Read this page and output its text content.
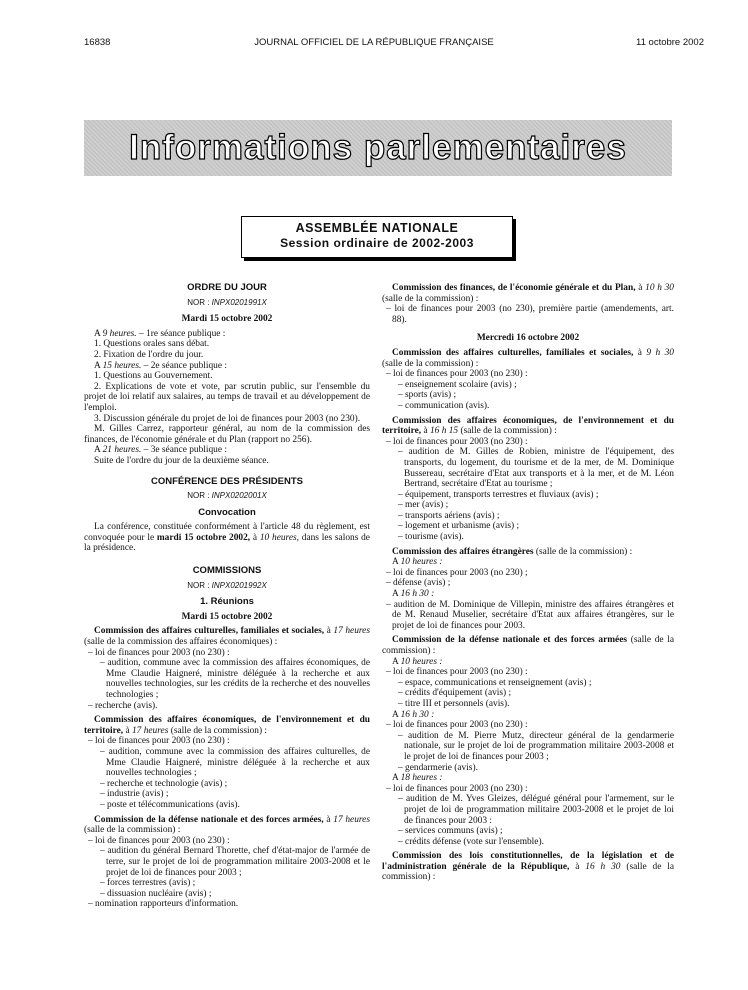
16838	JOURNAL OFFICIEL DE LA RÉPUBLIQUE FRANÇAISE	11 octobre 2002
Informations parlementaires
ASSEMBLÉE NATIONALE
Session ordinaire de 2002-2003
ORDRE DU JOUR
NOR : INPX0201991X
Mardi 15 octobre 2002

A 9 heures. – 1re séance publique :

1. Questions orales sans débat.

2. Fixation de l'ordre du jour.

A 15 heures. – 2e séance publique :

1. Questions au Gouvernement.

2. Explications de vote et vote, par scrutin public, sur l'ensemble du projet de loi relatif aux salaires, au temps de travail et au développement de l'emploi.

3. Discussion générale du projet de loi de finances pour 2003 (no 230).

M. Gilles Carrez, rapporteur général, au nom de la commission des finances, de l'économie générale et du Plan (rapport no 256).

A 21 heures. – 3e séance publique :

Suite de l'ordre du jour de la deuxième séance.

CONFÉRENCE DES PRÉSIDENTS
NOR : INPX0202001X
Convocation

La conférence, constituée conformément à l'article 48 du règlement, est convoquée pour le mardi 15 octobre 2002, à 10 heures, dans les salons de la présidence.

COMMISSIONS
NOR : INPX0201992X
1. Réunions
Mardi 15 octobre 2002

Commission des affaires culturelles, familiales et sociales, à 17 heures (salle de la commission des affaires économiques) :

– loi de finances pour 2003 (no 230) :

– audition, commune avec la commission des affaires économiques, de Mme Claudie Haigneré, ministre déléguée à la recherche et aux nouvelles technologies, sur les crédits de la recherche et des nouvelles technologies ;

– recherche (avis).

Commission des affaires économiques, de l'environnement et du territoire, à 17 heures (salle de la commission) :

– loi de finances pour 2003 (no 230) :

– audition, commune avec la commission des affaires culturelles, de Mme Claudie Haigneré, ministre déléguée à la recherche et aux nouvelles technologies ;

– recherche et technologie (avis) ;

– industrie (avis) ;

– poste et télécommunications (avis).

Commission de la défense nationale et des forces armées, à 17 heures (salle de la commission) :

– loi de finances pour 2003 (no 230) :

– audition du général Bernard Thorette, chef d'état-major de l'armée de terre, sur le projet de loi de programmation militaire 2003-2008 et le projet de loi de finances pour 2003 ;

– forces terrestres (avis) ;

– dissuasion nucléaire (avis) ;

– nomination rapporteurs d'information.

Commission des finances, de l'économie générale et du Plan, à 10 h 30 (salle de la commission) :

– loi de finances pour 2003 (no 230), première partie (amendements, art. 88).

Mercredi 16 octobre 2002

Commission des affaires culturelles, familiales et sociales, à 9 h 30 (salle de la commission) :

– loi de finances pour 2003 (no 230) :

– enseignement scolaire (avis) ;

– sports (avis) ;

– communication (avis).

Commission des affaires économiques, de l'environnement et du territoire, à 16 h 15 (salle de la commission) :

– loi de finances pour 2003 (no 230) :

– audition de M. Gilles de Robien, ministre de l'équipement, des transports, du logement, du tourisme et de la mer, de M. Dominique Bussereau, secrétaire d'Etat aux transports et à la mer, et de M. Léon Bertrand, secrétaire d'Etat au tourisme ;

– équipement, transports terrestres et fluviaux (avis) ;

– mer (avis) ;

– transports aériens (avis) ;

– logement et urbanisme (avis) ;

– tourisme (avis).

Commission des affaires étrangères (salle de la commission) :

A 10 heures :

– loi de finances pour 2003 (no 230) ;

– défense (avis) ;

A 16 h 30 :

– audition de M. Dominique de Villepin, ministre des affaires étrangères et de M. Renaud Muselier, secrétaire d'Etat aux affaires étrangères, sur le projet de loi de finances pour 2003.

Commission de la défense nationale et des forces armées (salle de la commission) :

A 10 heures :

– loi de finances pour 2003 (no 230) :

– espace, communications et renseignement (avis) ;

– crédits d'équipement (avis) ;

– titre III et personnels (avis).

A 16 h 30 :

– loi de finances pour 2003 (no 230) :

– audition de M. Pierre Mutz, directeur général de la gendarmerie nationale, sur le projet de loi de programmation militaire 2003-2008 et le projet de loi de finances pour 2003 ;

– gendarmerie (avis).

A 18 heures :

– loi de finances pour 2003 (no 230) :

– audition de M. Yves Gleizes, délégué général pour l'armement, sur le projet de loi de programmation militaire 2003-2008 et le projet de loi de finances pour 2003 :

– services communs (avis) ;

– crédits défense (vote sur l'ensemble).

Commission des lois constitutionnelles, de la législation et de l'administration générale de la République, à 16 h 30 (salle de la commission) :
